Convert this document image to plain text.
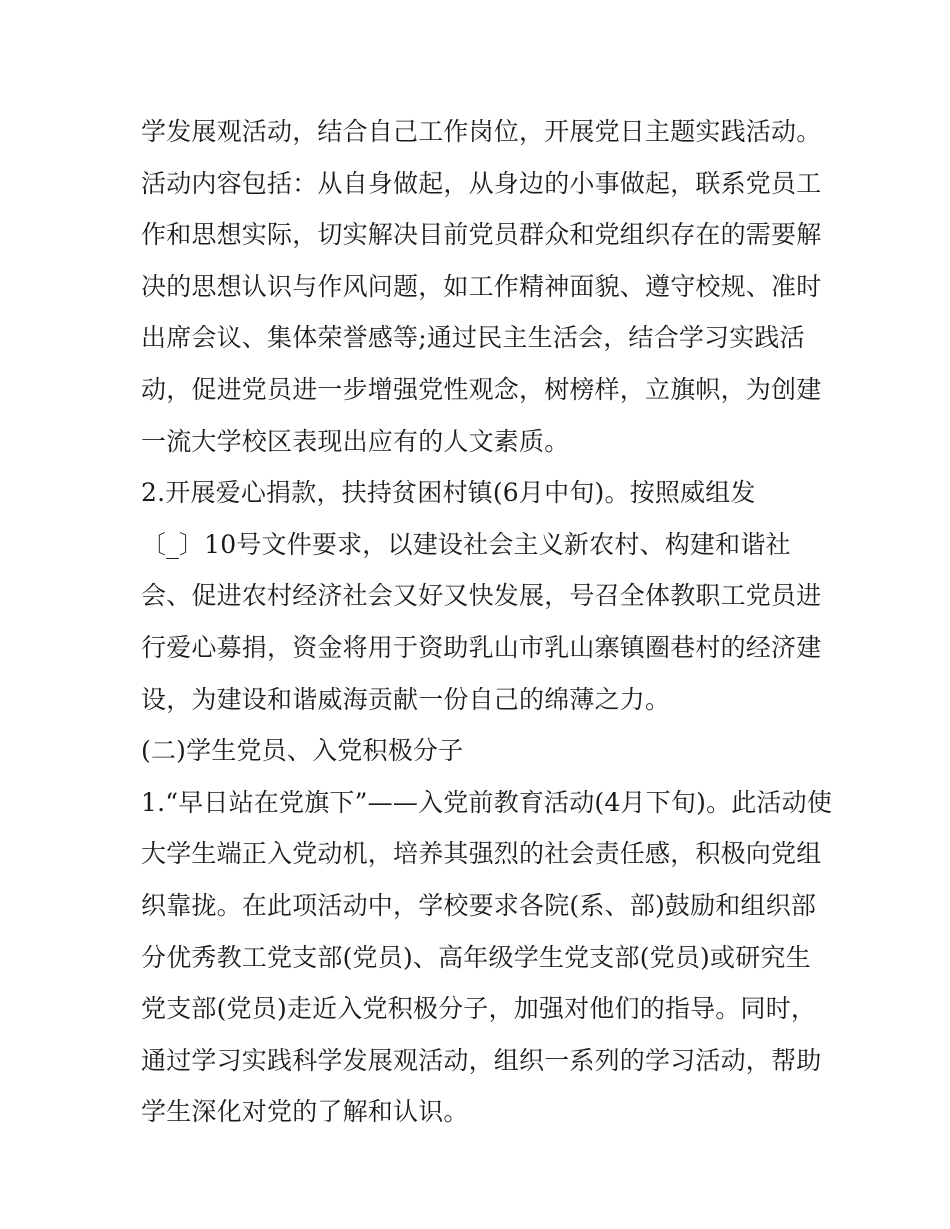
学发展观活动，结合自己工作岗位，开展党日主题实践活动。
活动内容包括：从自身做起，从身边的小事做起，联系党员工
作和思想实际，切实解决目前党员群众和党组织存在的需要解
决的思想认识与作风问题，如工作精神面貌、遵守校规、准时
出席会议、集体荣誉感等;通过民主生活会，结合学习实践活
动，促进党员进一步增强党性观念，树榜样，立旗帜，为创建
一流大学校区表现出应有的人文素质。
2.开展爱心捐款，扶持贫困村镇(6月中旬)。按照威组发
〔_〕10号文件要求，以建设社会主义新农村、构建和谐社
会、促进农村经济社会又好又快发展，号召全体教职工党员进
行爱心募捐，资金将用于资助乳山市乳山寨镇圈巷村的经济建
设，为建设和谐威海贡献一份自己的绵薄之力。
(二)学生党员、入党积极分子
1.“早日站在党旗下”——入党前教育活动(4月下旬)。此活动使
大学生端正入党动机，培养其强烈的社会责任感，积极向党组
织靠拢。在此项活动中，学校要求各院(系、部)鼓励和组织部
分优秀教工党支部(党员)、高年级学生党支部(党员)或研究生
党支部(党员)走近入党积极分子，加强对他们的指导。同时，
通过学习实践科学发展观活动，组织一系列的学习活动，帮助
学生深化对党的了解和认识。
